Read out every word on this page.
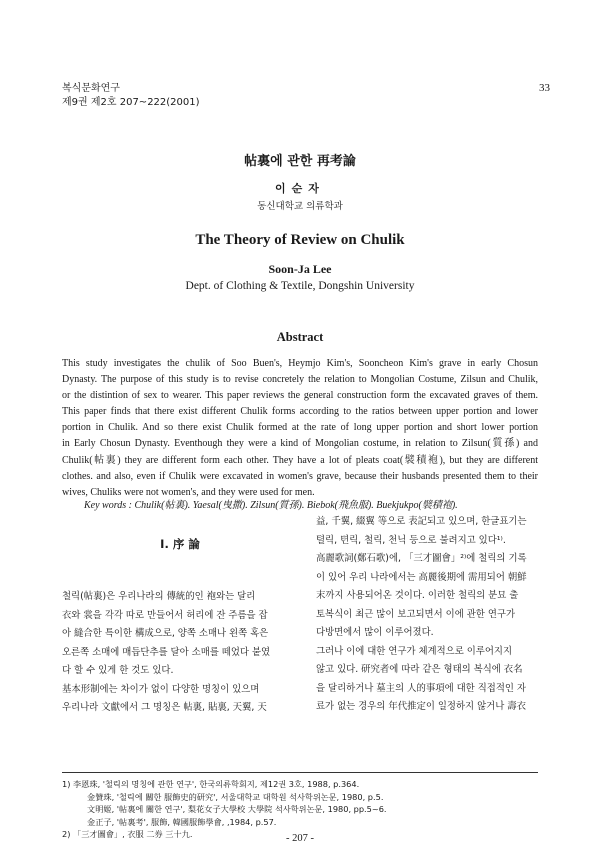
복식문화연구
제9권 제2호 207~222(2001)
33
帖裏에 관한 再考論
이순자
동신대학교 의류학과
The Theory of Review on Chulik
Soon-Ja Lee
Dept. of Clothing & Textile, Dongshin University
Abstract
This study investigates the chulik of Soo Buen's, Heymjo Kim's, Sooncheon Kim's grave in early Chosun
Dynasty. The purpose of this study is to revise concretely the relation to Mongolian Costume, Zilsun and Chulik,
or the distintion of sex to wearer. This paper reviews the general construction form the excavated graves of them.
This paper finds that there exist different Chulik forms according to the ratios between upper portion and lower
portion in Chulik. And so there exist Chulik formed at the rate of long upper portion and short lower portion
in Early Chosun Dynasty. Eventhough they were a kind of Mongolian costume, in relation to Zilsun(質孫) and
Chulik(帖裏) they are different form each other. They have a lot of pleats coat(襞積袍), but they are different
clothes. and also, even if Chulik were excavated in women's grave, because their husbands presented them to their
wives, Chuliks were not women's, and they were used for men.
Key words : Chulik(帖裏). Yaesal(曳撒). Zilsun(質孫). Biebok(飛魚服). Buekjukpo(襞積袍).
I. 序 論
철릭(帖裏)은 우리나라의 傳統的인 袍와는 달리
衣와 裳을 각각 따로 만들어서 허리에 잔 주름을 잡
아 縫合한 특이한 構成으로, 양쪽 소매나 왼쪽 혹은
오른쪽 소매에 매듭단추를 달아 소매를 떼었다 붙였
다 할 수 있게 한 것도 있다.
基本形制에는 차이가 없이 다양한 명칭이 있으며
우리나라 文獻에서 그 명칭은 帖裏, 貼裏, 天翼, 天
益, 千翼, 綴翼 等으로 表記되고 있으며, 한글표기는
텰릭, 텬릭, 철릭, 천닉 등으로 불려지고 있다¹⁾.
高麗歌詞(鄭石歌)에, 「三才圖會」²⁾에 철릭의 기록
이 있어 우리 나라에서는 高麗後期에 需用되어 朝鮮
末까지 사용되어온 것이다. 이러한 철릭의 분묘 출
토복식이 최근 많이 보고되면서 이에 관한 연구가
다방면에서 많이 이루어졌다.
그러나 이에 대한 연구가 체계적으로 이루어지지
않고 있다. 研究者에 따라 같은 형태의 복식에 衣名
을 달리하거나 墓主의 人的事項에 대한 직접적인 자
료가 없는 경우의 年代推定이 일정하지 않거나 壽衣
1) 李恩珠, '철릭의 명칭에 관한 연구', 한국의류학회지, 제12권 3호, 1988, p.364.
金贊珠, '철릭에 關한 服飾史的研究', 서울대학교 대학원 석사학위논문, 1980, p.5.
文明姬, '帖裏에 關한 연구', 梨花女子大學校 大學院 석사학위논문, 1980, pp.5~6.
金正子, '帖裏考', 服飾, 韓國服飾學會, ,1984, p.57.
2) 「三才圖會」, 衣服 二券 三十九.	- 207 -
